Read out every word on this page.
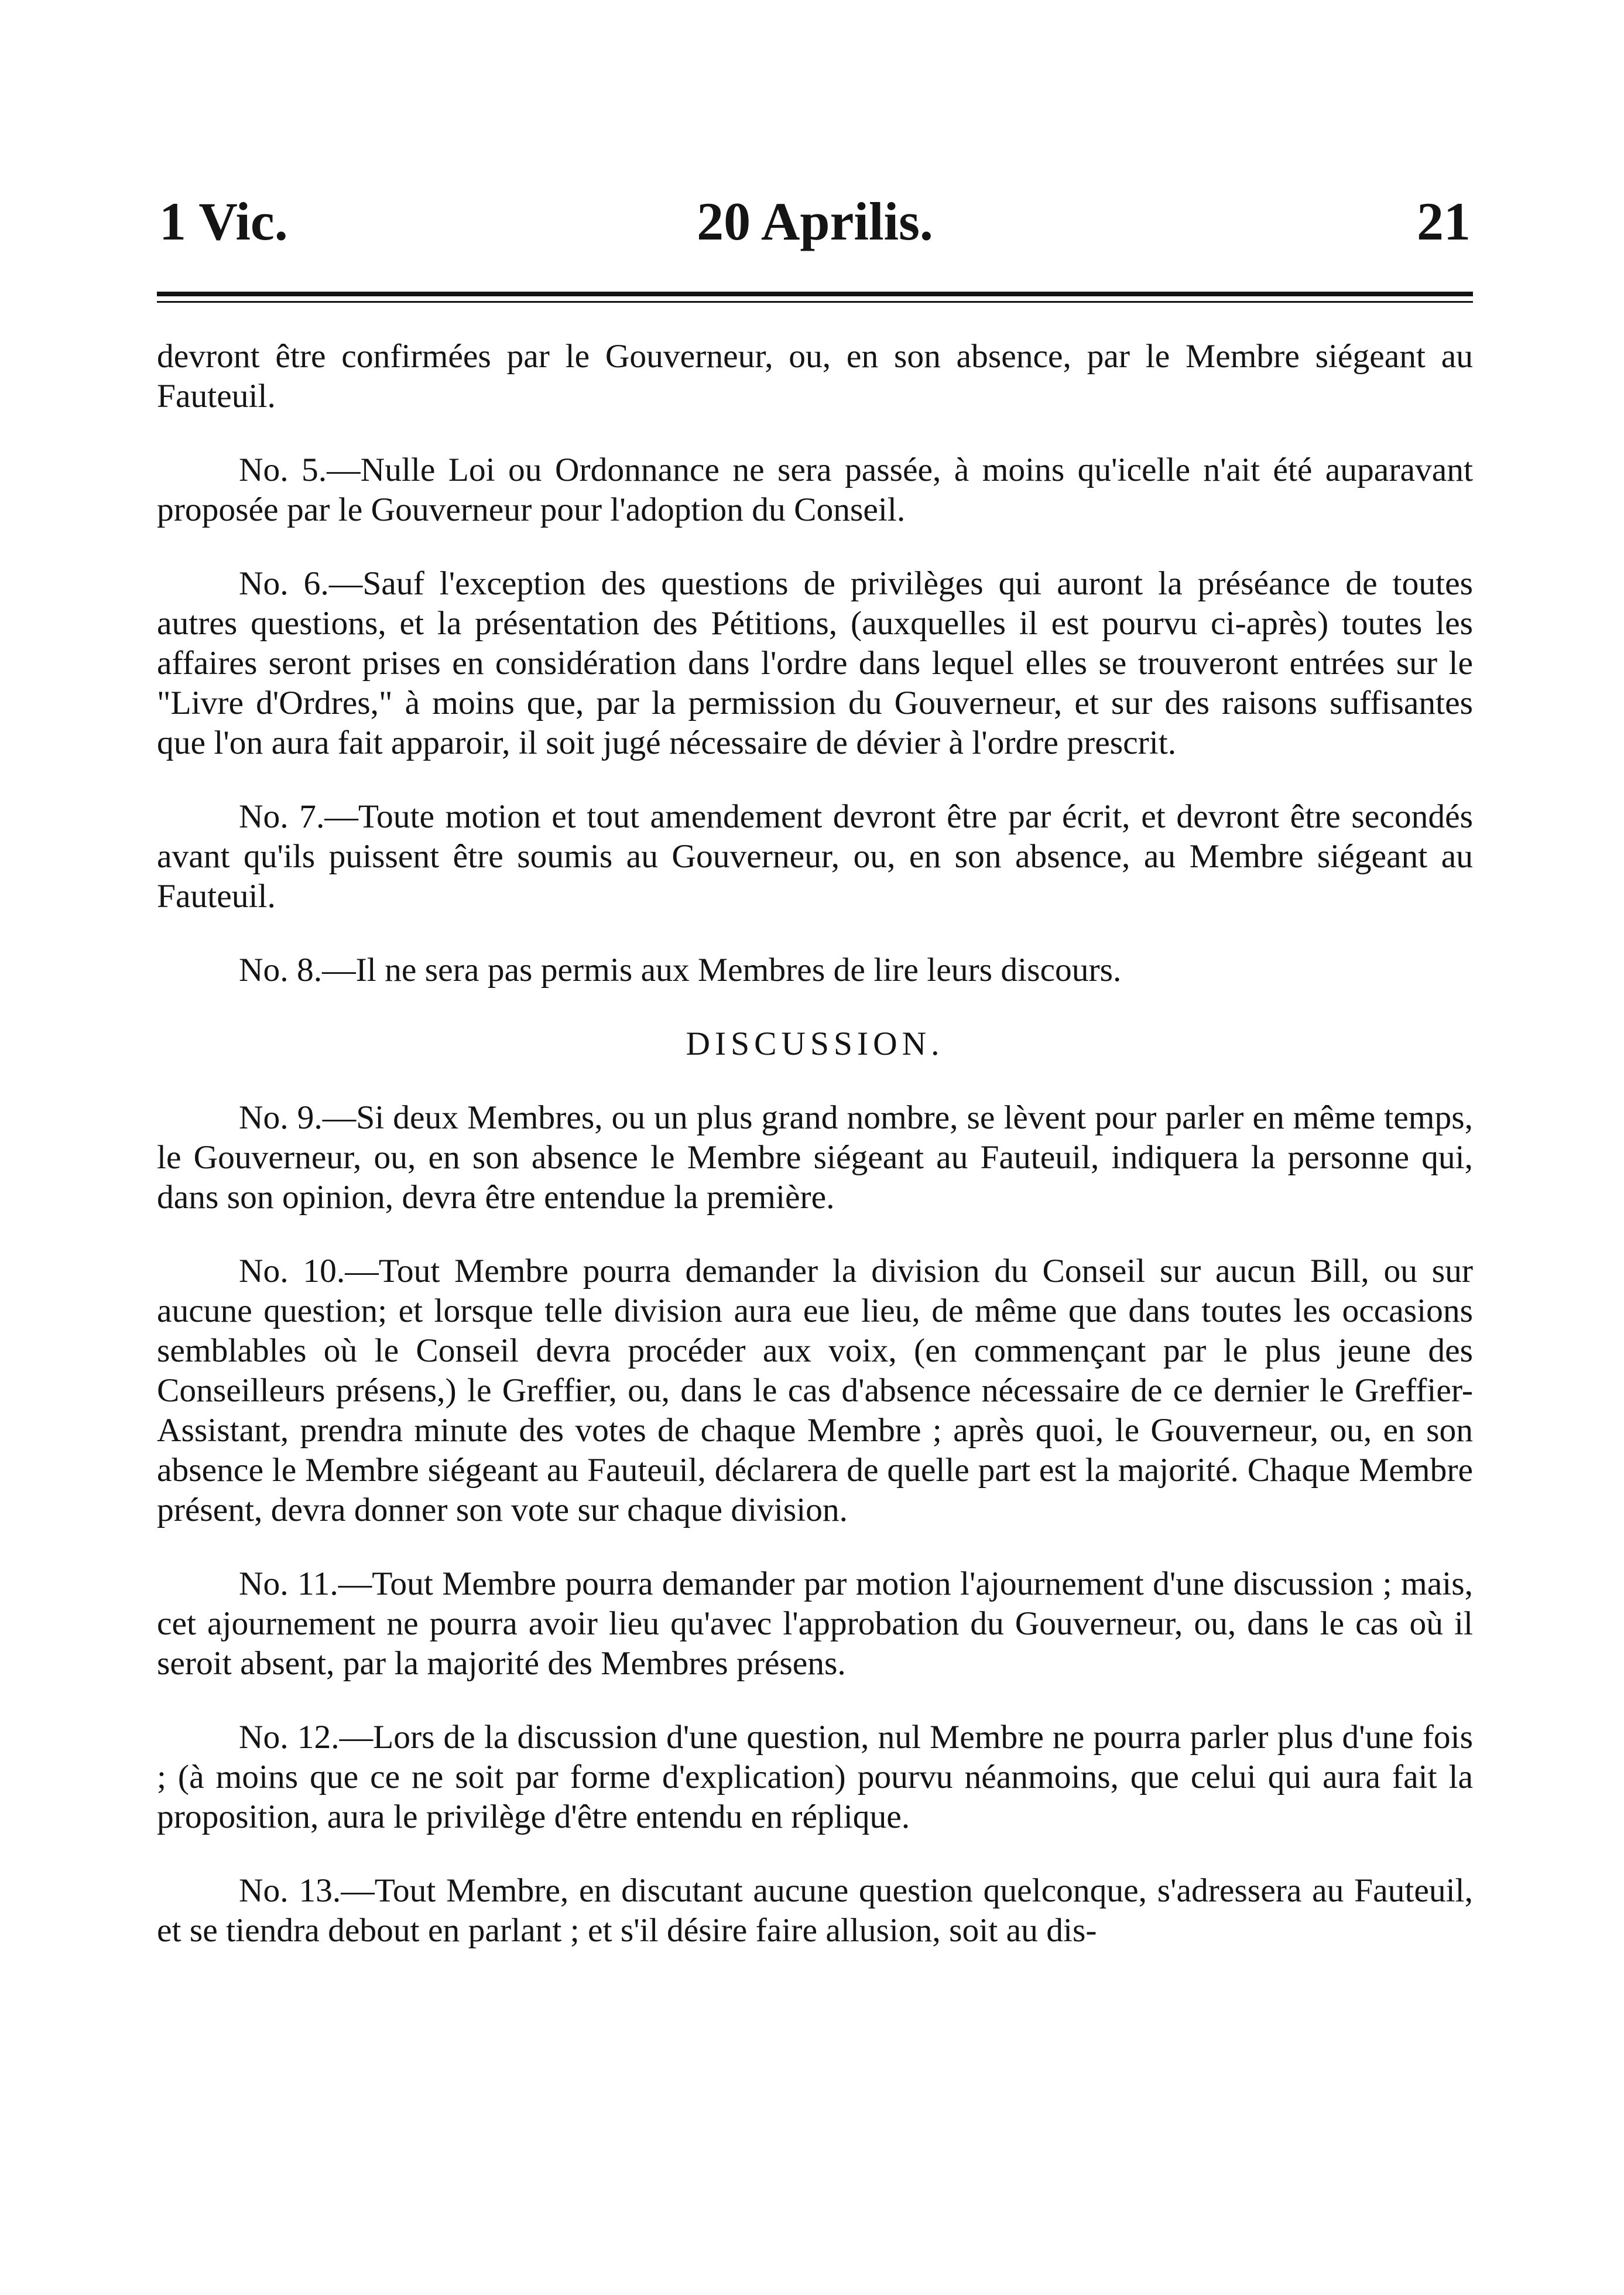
1 Vic.	20 Aprilis.	21

devront être confirmées par le Gouverneur, ou, en son absence, par le Membre siégeant au Fauteuil.

No. 5.—Nulle Loi ou Ordonnance ne sera passée, à moins qu'icelle n'ait été auparavant proposée par le Gouverneur pour l'adoption du Conseil.

No. 6.—Sauf l'exception des questions de privilèges qui auront la préséance de toutes autres questions, et la présentation des Pétitions, (auxquelles il est pourvu ci-après) toutes les affaires seront prises en considération dans l'ordre dans lequel elles se trouveront entrées sur le "Livre d'Ordres," à moins que, par la permission du Gouverneur, et sur des raisons suffisantes que l'on aura fait apparoir, il soit jugé nécessaire de dévier à l'ordre prescrit.

No. 7.—Toute motion et tout amendement devront être par écrit, et devront être secondés avant qu'ils puissent être soumis au Gouverneur, ou, en son absence, au Membre siégeant au Fauteuil.

No. 8.—Il ne sera pas permis aux Membres de lire leurs discours.

DISCUSSION.

No. 9.—Si deux Membres, ou un plus grand nombre, se lèvent pour parler en même temps, le Gouverneur, ou, en son absence le Membre siégeant au Fauteuil, indiquera la personne qui, dans son opinion, devra être entendue la première.

No. 10.—Tout Membre pourra demander la division du Conseil sur aucun Bill, ou sur aucune question; et lorsque telle division aura eue lieu, de même que dans toutes les occasions semblables où le Conseil devra procéder aux voix, (en commençant par le plus jeune des Conseilleurs présens,) le Greffier, ou, dans le cas d'absence nécessaire de ce dernier le Greffier-Assistant, prendra minute des votes de chaque Membre ; après quoi, le Gouverneur, ou, en son absence le Membre siégeant au Fauteuil, déclarera de quelle part est la majorité. Chaque Membre présent, devra donner son vote sur chaque division.

No. 11.—Tout Membre pourra demander par motion l'ajournement d'une discussion ; mais, cet ajournement ne pourra avoir lieu qu'avec l'approbation du Gouverneur, ou, dans le cas où il seroit absent, par la majorité des Membres présens.

No. 12.—Lors de la discussion d'une question, nul Membre ne pourra parler plus d'une fois ; (à moins que ce ne soit par forme d'explication) pourvu néanmoins, que celui qui aura fait la proposition, aura le privilège d'être entendu en réplique.

No. 13.—Tout Membre, en discutant aucune question quelconque, s'adressera au Fauteuil, et se tiendra debout en parlant ; et s'il désire faire allusion, soit au dis-
